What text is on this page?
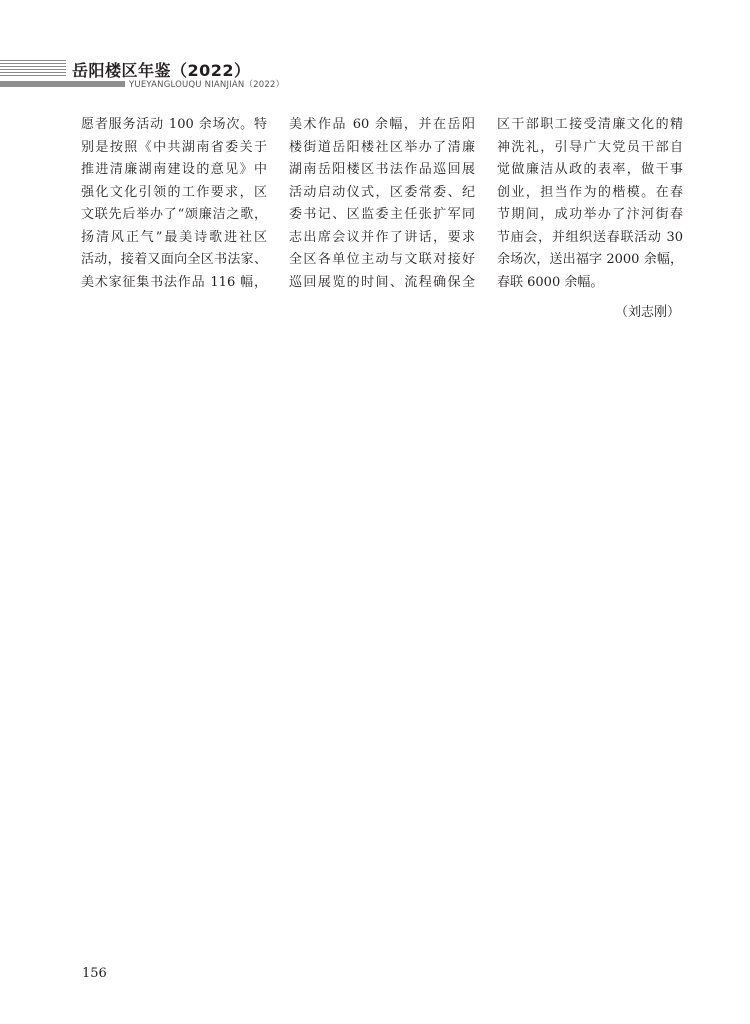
岳阳楼区年鉴（2022）
YUEYANGLOUQU NIANJIAN（2022）
愿者服务活动 100 余场次。特
别是按照《中共湖南省委关于
推进清廉湖南建设的意见》中
强化文化引领的工作要求，区
文联先后举办了“颂廉洁之歌，
扬清风正气”最美诗歌进社区
活动，接着又面向全区书法家、
美术家征集书法作品 116 幅，
美术作品 60 余幅，并在岳阳
楼街道岳阳楼社区举办了清廉
湖南岳阳楼区书法作品巡回展
活动启动仪式，区委常委、纪
委书记、区监委主任张扩军同
志出席会议并作了讲话，要求
全区各单位主动与文联对接好
巡回展览的时间、流程确保全
区干部职工接受清廉文化的精
神洗礼，引导广大党员干部自
觉做廉洁从政的表率，做干事
创业，担当作为的楷模。在春
节期间，成功举办了汴河街春
节庙会，并组织送春联活动 30
余场次，送出福字 2000 余幅，
春联 6000 余幅。
（刘志刚）
156
